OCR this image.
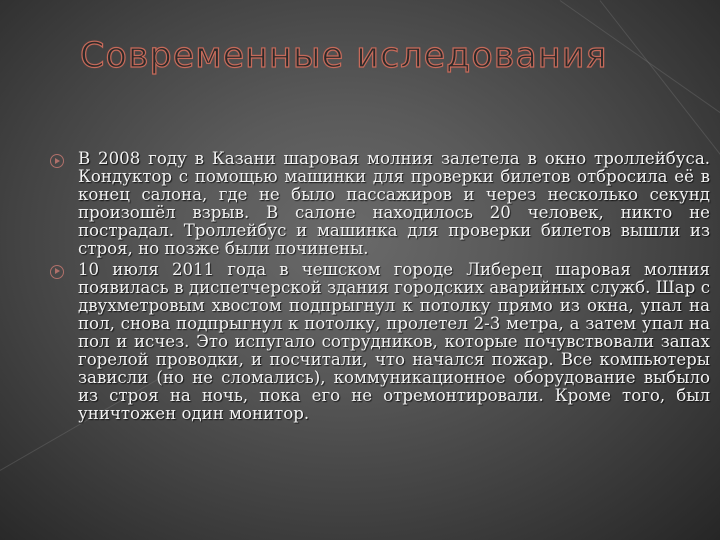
Современные иследования
В 2008 году в Казани шаровая молния залетела в окно троллейбуса. Кондуктор с помощью машинки для проверки билетов отбросила её в конец салона, где не было пассажиров и через несколько секунд произошёл взрыв. В салоне находилось 20 человек, никто не пострадал. Троллейбус и машинка для проверки билетов вышли из строя, но позже были починены.
10 июля 2011 года в чешском городе Либерец шаровая молния появилась в диспетчерской здания городских аварийных служб. Шар с двухметровым хвостом подпрыгнул к потолку прямо из окна, упал на пол, снова подпрыгнул к потолку, пролетел 2-3 метра, а затем упал на пол и исчез. Это испугало сотрудников, которые почувствовали запах горелой проводки, и посчитали, что начался пожар. Все компьютеры зависли (но не сломались), коммуникационное оборудование выбыло из строя на ночь, пока его не отремонтировали. Кроме того, был уничтожен один монитор.
